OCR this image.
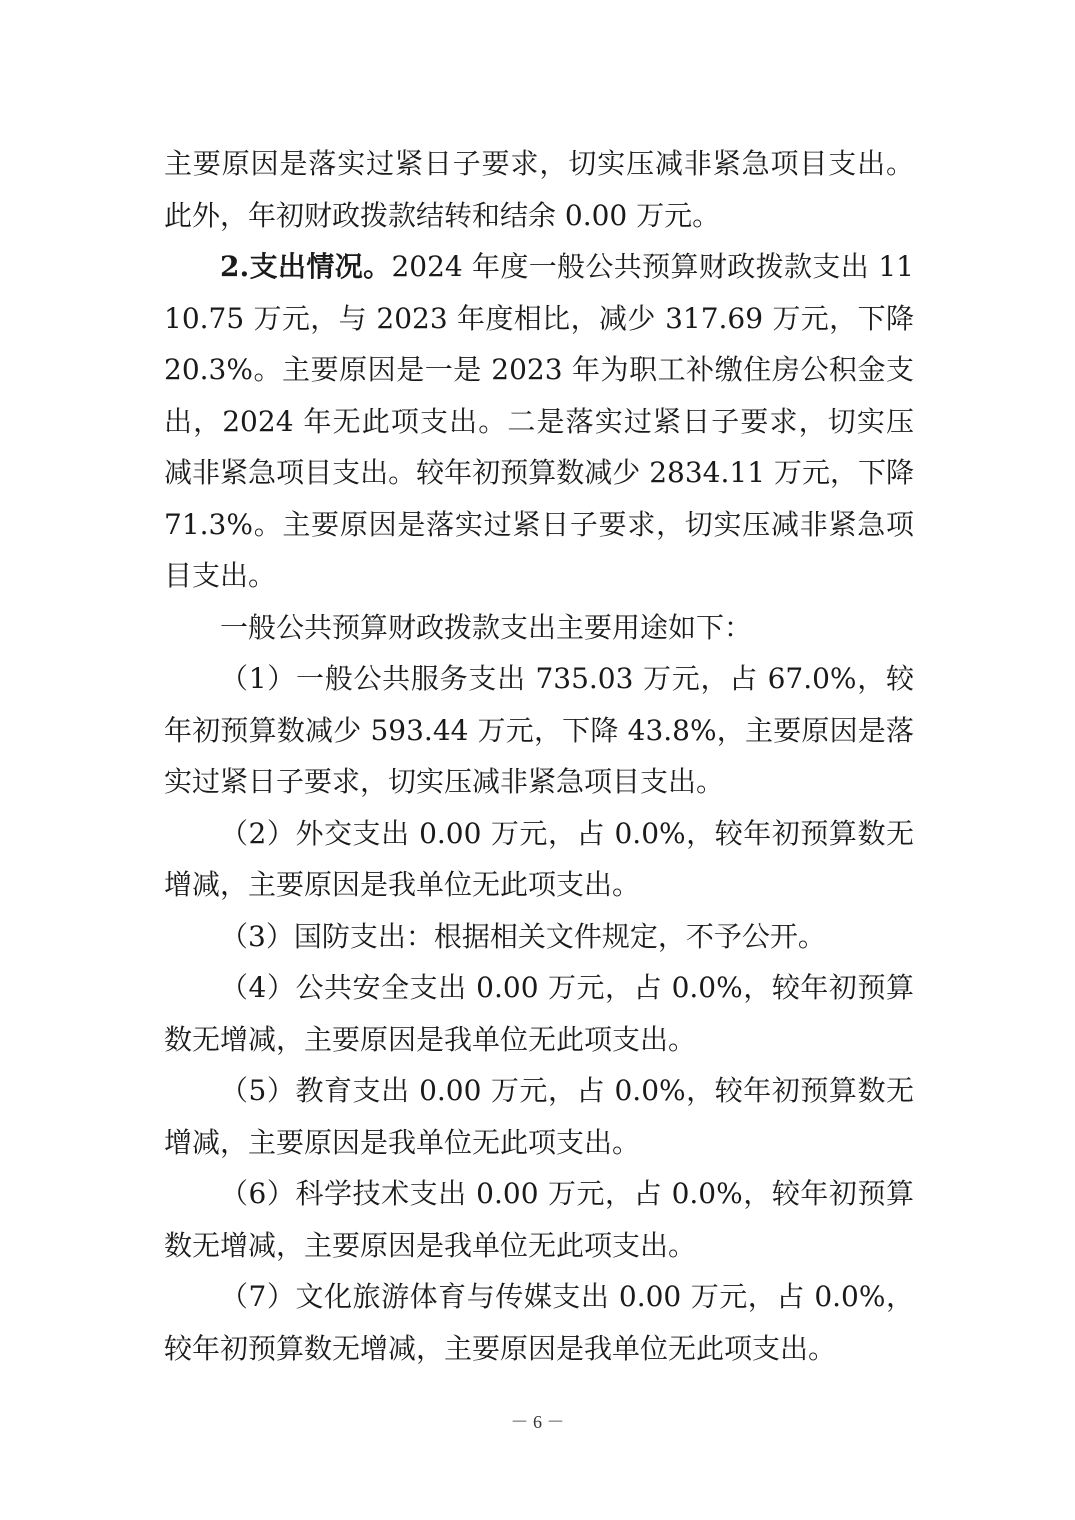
主要原因是落实过紧日子要求，切实压减非紧急项目支出。此外，年初财政拨款结转和结余 0.00 万元。

2.支出情况。2024 年度一般公共预算财政拨款支出 1110.75 万元，与 2023 年度相比，减少 317.69 万元，下降 20.3%。主要原因是一是 2023 年为职工补缴住房公积金支出，2024 年无此项支出。二是落实过紧日子要求，切实压减非紧急项目支出。较年初预算数减少 2834.11 万元，下降 71.3%。主要原因是落实过紧日子要求，切实压减非紧急项目支出。

一般公共预算财政拨款支出主要用途如下：

（1）一般公共服务支出 735.03 万元，占 67.0%，较年初预算数减少 593.44 万元，下降 43.8%，主要原因是落实过紧日子要求，切实压减非紧急项目支出。

（2）外交支出 0.00 万元，占 0.0%，较年初预算数无增减，主要原因是我单位无此项支出。

（3）国防支出：根据相关文件规定，不予公开。

（4）公共安全支出 0.00 万元，占 0.0%，较年初预算数无增减，主要原因是我单位无此项支出。

（5）教育支出 0.00 万元，占 0.0%，较年初预算数无增减，主要原因是我单位无此项支出。

（6）科学技术支出 0.00 万元，占 0.0%，较年初预算数无增减，主要原因是我单位无此项支出。

（7）文化旅游体育与传媒支出 0.00 万元，占 0.0%，较年初预算数无增减，主要原因是我单位无此项支出。

－ 6 －
